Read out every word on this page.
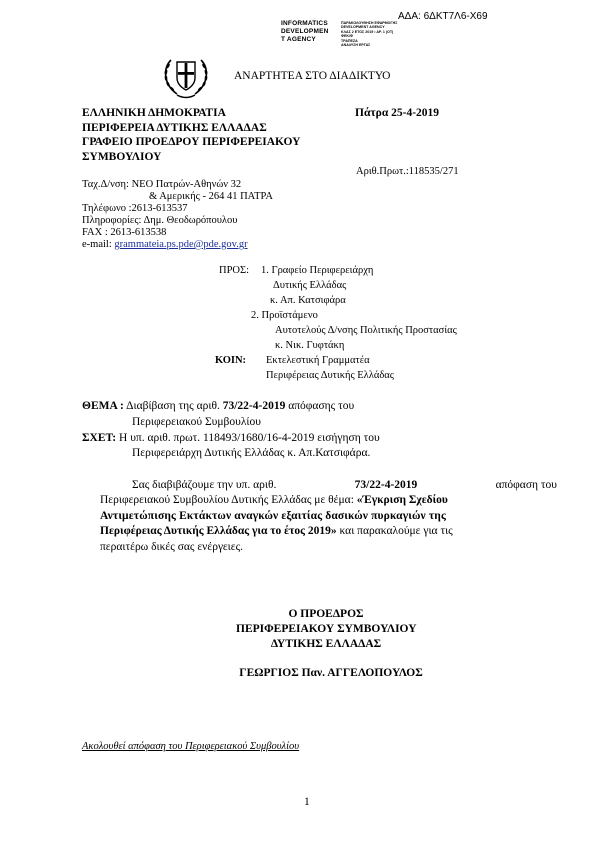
ΑΔΑ: 6ΔΚΤ7Λ6-Χ69
INFORMATICS
DEVELOPMEN
T AGENCY
ΠΑΡΑΚΟΛΟΥΘΗΣΗ ΕΦΑΡΜΟΓΗΣ
DEVELOPMENT AGENCY
ΚΛΑΣ 2 ΕΤΟΣ 2019 • ΑΡ. 1 (ΟΤ)
ΦΕΚ/Φ
ΤΡΑΠΕΖΑ
ΑΝΑΛΥΣΗ ΕΡΓΑΣ
ΑΝΑΡΤΗΤΕΑ ΣΤΟ ΔΙΑΔΙΚΤΥΟ
ΕΛΛΗΝΙΚΗ ΔΗΜΟΚΡΑΤΙΑ
ΠΕΡΙΦΕΡΕΙΑ ΔΥΤΙΚΗΣ ΕΛΛΑΔΑΣ
ΓΡΑΦΕΙΟ ΠΡΟΕΔΡΟΥ ΠΕΡΙΦΕΡΕΙΑΚΟΥ
ΣΥΜΒΟΥΛΙΟΥ
Πάτρα 25-4-2019
Αριθ.Πρωτ.:118535/271
Ταχ.Δ/νση: ΝΕΟ Πατρών-Αθηνών 32
& Αμερικής - 264 41 ΠΑΤΡΑ
Τηλέφωνο :2613-613537
Πληροφορίες: Δημ. Θεοδωρόπουλου
FAX : 2613-613538
e-mail: grammateia.ps.pde@pde.gov.gr
ΠΡΟΣ: 1. Γραφείο Περιφερειάρχη
Δυτικής Ελλάδας
κ. Απ. Κατσιφάρα
2. Προϊστάμενο
Αυτοτελούς Δ/νσης Πολιτικής Προστασίας
κ. Νικ. Γυφτάκη
ΚΟΙΝ: Εκτελεστική Γραμματέα
Περιφέρειας Δυτικής Ελλάδας
ΘΕΜΑ : Διαβίβαση της αριθ. 73/22-4-2019 απόφασης του
Περιφερειακού Συμβουλίου
ΣΧΕΤ: Η υπ. αριθ. πρωτ. 118493/1680/16-4-2019 εισήγηση του
Περιφερειάρχη Δυτικής Ελλάδας κ. Απ.Κατσιφάρα.
Σας διαβιβάζουμε την υπ. αριθ.	73/22-4-2019	απόφαση του
Περιφερειακού Συμβουλίου Δυτικής Ελλάδας με θέμα: «Έγκριση Σχεδίου
Αντιμετώπισης Εκτάκτων αναγκών εξαιτίας δασικών πυρκαγιών της
Περιφέρειας Δυτικής Ελλάδας για το έτος 2019» και παρακαλούμε για τις
περαιτέρω δικές σας ενέργειες.
Ο ΠΡΟΕΔΡΟΣ
ΠΕΡΙΦΕΡΕΙΑΚΟΥ ΣΥΜΒΟΥΛΙΟΥ
ΔΥΤΙΚΗΣ ΕΛΛΑΔΑΣ
ΓΕΩΡΓΙΟΣ Παν. ΑΓΓΕΛΟΠΟΥΛΟΣ
Ακολουθεί απόφαση του Περιφερειακού Συμβουλίου
1
